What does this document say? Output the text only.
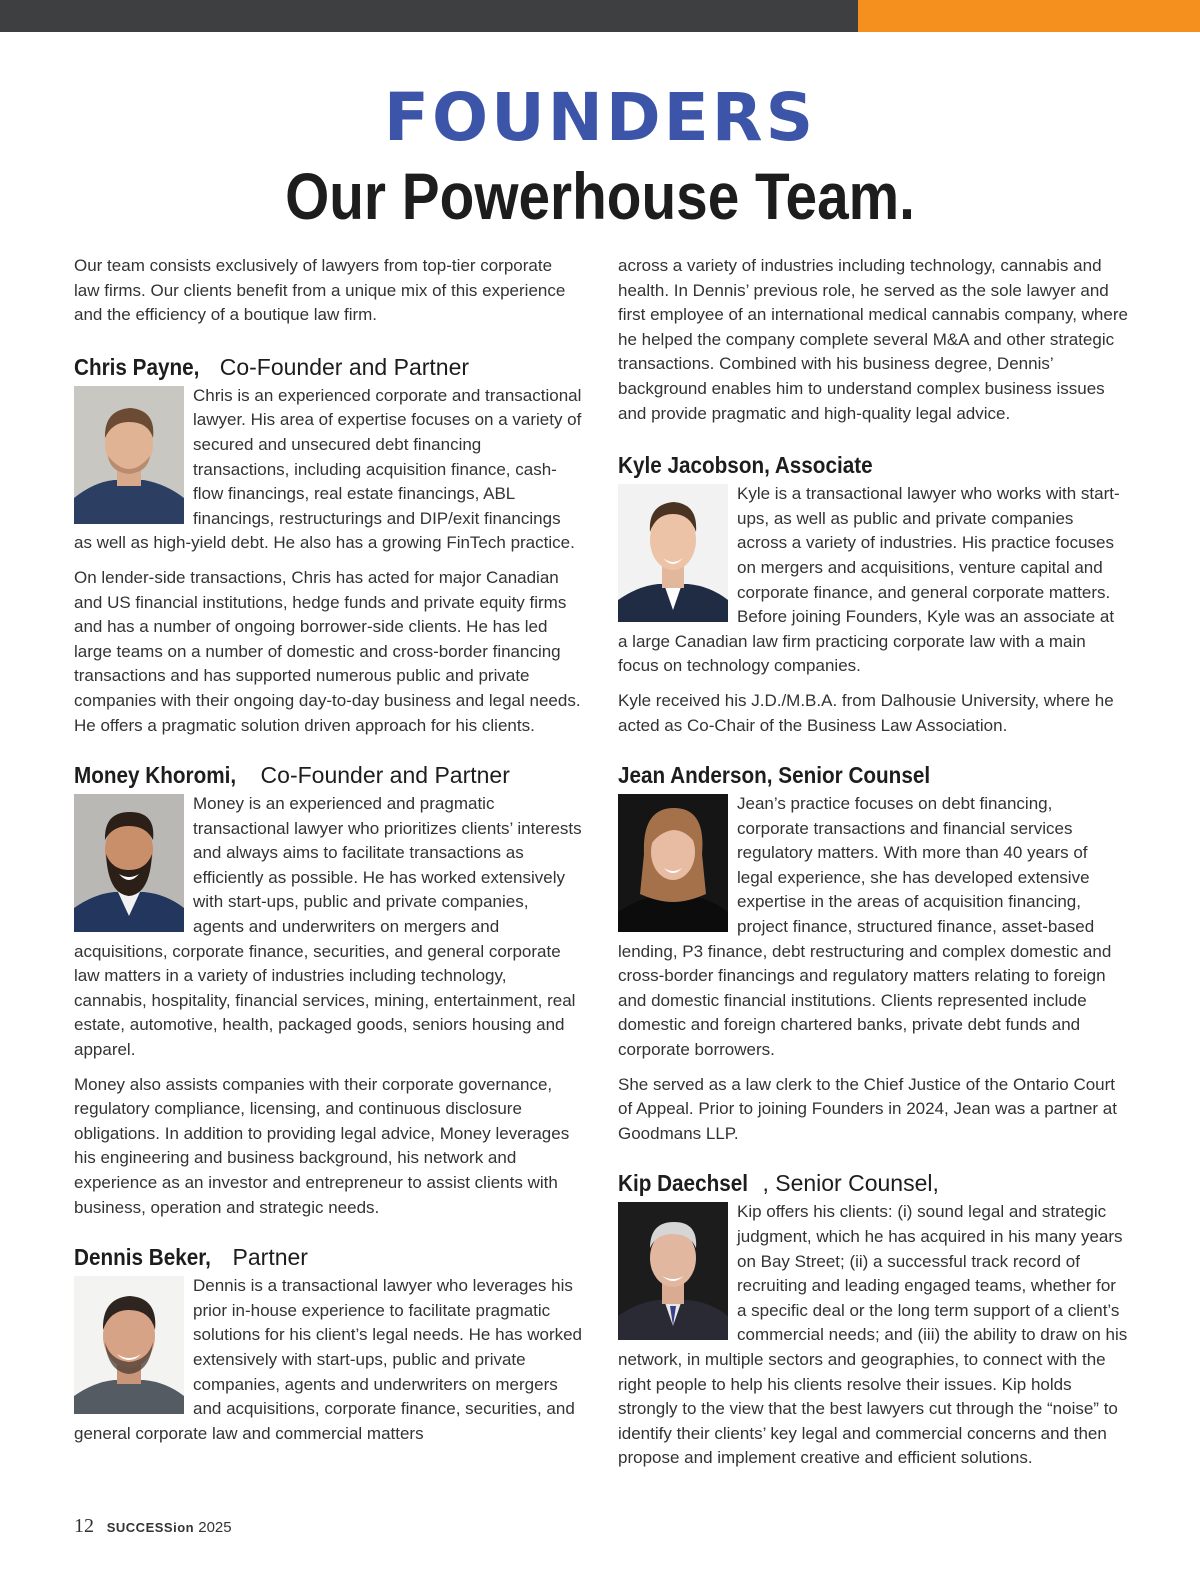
FOUNDERS
Our Powerhouse Team.

Our team consists exclusively of lawyers from top-tier corporate law firms. Our clients benefit from a unique mix of this experience and the efficiency of a boutique law firm.

Chris Payne, Co-Founder and Partner

Chris is an experienced corporate and transactional lawyer. His area of expertise focuses on a variety of secured and unsecured debt financing transactions, including acquisition finance, cash-flow financings, real estate financings, ABL financings, restructurings and DIP/exit financings as well as high-yield debt. He also has a growing FinTech practice.

On lender-side transactions, Chris has acted for major Canadian and US financial institutions, hedge funds and private equity firms and has a number of ongoing borrower-side clients. He has led large teams on a number of domestic and cross-border financing transactions and has supported numerous public and private companies with their ongoing day-to-day business and legal needs. He offers a pragmatic solution driven approach for his clients.

Money Khoromi, Co-Founder and Partner

Money is an experienced and pragmatic transactional lawyer who prioritizes clients’ interests and always aims to facilitate transactions as efficiently as possible. He has worked extensively with start-ups, public and private companies, agents and underwriters on mergers and acquisitions, corporate finance, securities, and general corporate law matters in a variety of industries including technology, cannabis, hospitality, financial services, mining, entertainment, real estate, automotive, health, packaged goods, seniors housing and apparel.

Money also assists companies with their corporate governance, regulatory compliance, licensing, and continuous disclosure obligations. In addition to providing legal advice, Money leverages his engineering and business background, his network and experience as an investor and entrepreneur to assist clients with business, operation and strategic needs.

Dennis Beker, Partner

Dennis is a transactional lawyer who leverages his prior in-house experience to facilitate pragmatic solutions for his client’s legal needs. He has worked extensively with start-ups, public and private companies, agents and underwriters on mergers and acquisitions, corporate finance, securities, and general corporate law and commercial matters

across a variety of industries including technology, cannabis and health. In Dennis’ previous role, he served as the sole lawyer and first employee of an international medical cannabis company, where he helped the company complete several M&A and other strategic transactions. Combined with his business degree, Dennis’ background enables him to understand complex business issues and provide pragmatic and high-quality legal advice.

Kyle Jacobson, Associate

Kyle is a transactional lawyer who works with start-ups, as well as public and private companies across a variety of industries. His practice focuses on mergers and acquisitions, venture capital and corporate finance, and general corporate matters. Before joining Founders, Kyle was an associate at a large Canadian law firm practicing corporate law with a main focus on technology companies.

Kyle received his J.D./M.B.A. from Dalhousie University, where he acted as Co-Chair of the Business Law Association.

Jean Anderson, Senior Counsel

Jean’s practice focuses on debt financing, corporate transactions and financial services regulatory matters. With more than 40 years of legal experience, she has developed extensive expertise in the areas of acquisition financing, project finance, structured finance, asset-based lending, P3 finance, debt restructuring and complex domestic and cross-border financings and regulatory matters relating to foreign and domestic financial institutions. Clients represented include domestic and foreign chartered banks, private debt funds and corporate borrowers.

She served as a law clerk to the Chief Justice of the Ontario Court of Appeal. Prior to joining Founders in 2024, Jean was a partner at Goodmans LLP.

Kip Daechsel , Senior Counsel,

Kip offers his clients: (i) sound legal and strategic judgment, which he has acquired in his many years on Bay Street; (ii) a successful track record of recruiting and leading engaged teams, whether for a specific deal or the long term support of a client’s commercial needs; and (iii) the ability to draw on his network, in multiple sectors and geographies, to connect with the right people to help his clients resolve their issues. Kip holds strongly to the view that the best lawyers cut through the “noise” to identify their clients’ key legal and commercial concerns and then propose and implement creative and efficient solutions.

12 SUCCESSion 2025
